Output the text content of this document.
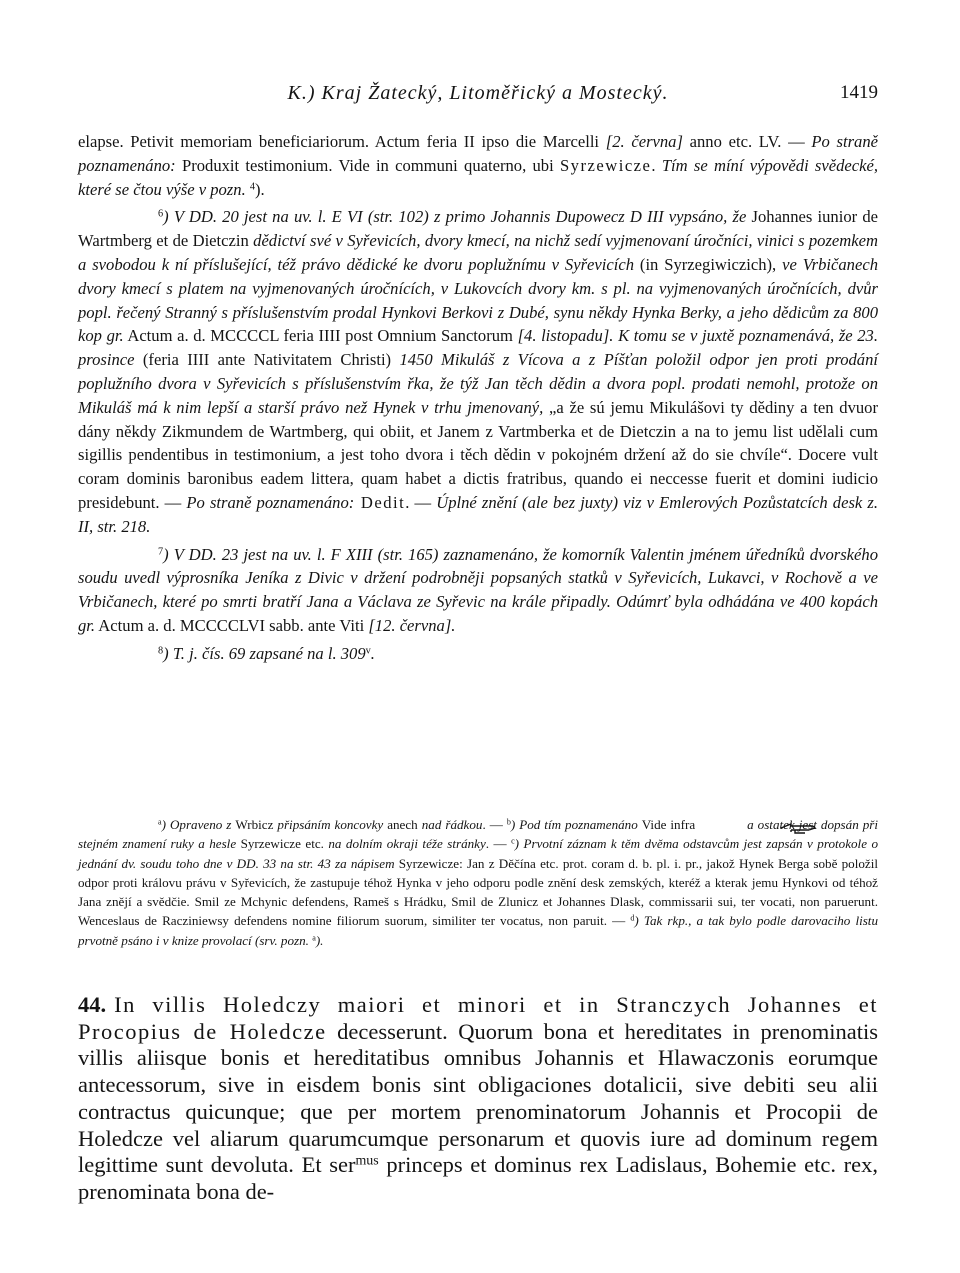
K.) Kraj Žatecký, Litoměřický a Mostecký.	1419

elapse. Petivit memoriam beneficiariorum. Actum feria II ipso die Marcelli [2. června] anno etc. LV. — Po straně poznamenáno: Produxit testimonium. Vide in communi quaterno, ubi Syrzewicze. Tím se míní výpovědi svědecké, které se čtou výše v pozn. $^4$).

$^6$) V DD. 20 jest na uv. l. E VI (str. 102) z primo Johannis Dupowecz D III vypsáno, že Johannes iunior de Wartmberg et de Dietczin dědictví své v Syřevicích, dvory kmecí, na nichž sedí vyjmenovaní úročníci, vinici s pozemkem a svobodou k ní příslušející, též právo dědické ke dvoru poplužnímu v Syřevicích (in Syrzegiwiczich), ve Vrbičanech dvory kmecí s platem na vyjmenovaných úročnících, v Lukovcích dvory km. s pl. na vyjmenovaných úročnících, dvůr popl. řečený Stranný s příslušenstvím prodal Hynkovi Berkovi z Dubé, synu někdy Hynka Berky, a jeho dědicům za 800 kop gr. Actum a. d. MCCCCL feria IIII post Omnium Sanctorum [4. listopadu]. K tomu se v juxtě poznamenává, že 23. prosince (feria IIII ante Nativitatem Christi) 1450 Mikuláš z Vícova a z Píšťan položil odpor jen proti prodání poplužního dvora v Syřevicích s příslušenstvím řka, že týž Jan těch dědin a dvora popl. prodati nemohl, protože on Mikuláš má k nim lepší a starší právo než Hynek v trhu jmenovaný, „a že sú jemu Mikulášovi ty dědiny a ten dvuor dány někdy Zikmundem de Wartmberg, qui obiit, et Janem z Vartmberka et de Dietczin a na to jemu list udělali cum sigillis pendentibus in testimonium, a jest toho dvora i těch dědin v pokojném držení až do sie chvíle“. Docere vult coram dominis baronibus eadem littera, quam habet a dictis fratribus, quando ei neccesse fuerit et domini iudicio presidebunt. — Po straně poznamenáno: Dedit. — Úplné znění (ale bez juxty) viz v Emlerových Pozůstatcích desk z. II, str. 218.

$^7$) V DD. 23 jest na uv. l. F XIII (str. 165) zaznamenáno, že komorník Valentin jménem úředníků dvorského soudu uvedl výprosníka Jeníka z Divic v držení podrobněji popsaných statků v Syřevicích, Lukavci, v Rochově a ve Vrbičanech, které po smrti bratří Jana a Václava ze Syřevic na krále připadly. Odúmrť byla odhádána ve 400 kopách gr. Actum a. d. MCCCCLVI sabb. ante Viti [12. června].

$^8$) T. j. čís. 69 zapsané na l. 309$^v$.

$^a$) Opraveno z Wrbicz připsáním koncovky anech nad řádkou. — $^b$) Pod tím poznamenáno Vide infra	a ostatek jest dopsán při stejném znamení ruky a hesle Syrzewicze etc. na dolním okraji téže stránky. — $^c$) Prvotní záznam k těm dvěma odstavcům jest zapsán v protokole o jednání dv. soudu toho dne v DD. 33 na str. 43 za nápisem Syrzewicze: Jan z Děčína etc. prot. coram d. b. pl. i. pr., jakož Hynek Berga sobě položil odpor proti královu právu v Syřevicích, že zastupuje téhož Hynka v jeho odporu podle znění desk zemských, kteréž a kterak jemu Hynkovi od téhož Jana znějí a svědčie. Smil ze Mchynic defendens, Rameš s Hrádku, Smil de Zlunicz et Johannes Dlask, commissarii sui, ter vocati, non paruerunt. Wenceslaus de Racziniewsy defendens nomine filiorum suorum, similiter ter vocatus, non paruit. — $^d$) Tak rkp., a tak bylo podle darovaciho listu prvotně psáno i v knize provolací (srv. pozn. $^a$).

44. In villis Holedczy maiori et minori et in Stranczych Johannes et Procopius de Holedcze decesserunt. Quorum bona et hereditates in prenominatis villis aliisque bonis et hereditatibus omnibus Johannis et Hlawaczonis eorumque antecessorum, sive in eisdem bonis sint obligaciones dotalicii, sive debiti seu alii contractus quicunque; que per mortem prenominatorum Johannis et Procopii de Holedcze vel aliarum quarumcumque personarum et quovis iure ad dominum regem legittime sunt devoluta. Et ser$^{mus}$ princeps et dominus rex Ladislaus, Bohemie etc. rex, prenominata bona de-
